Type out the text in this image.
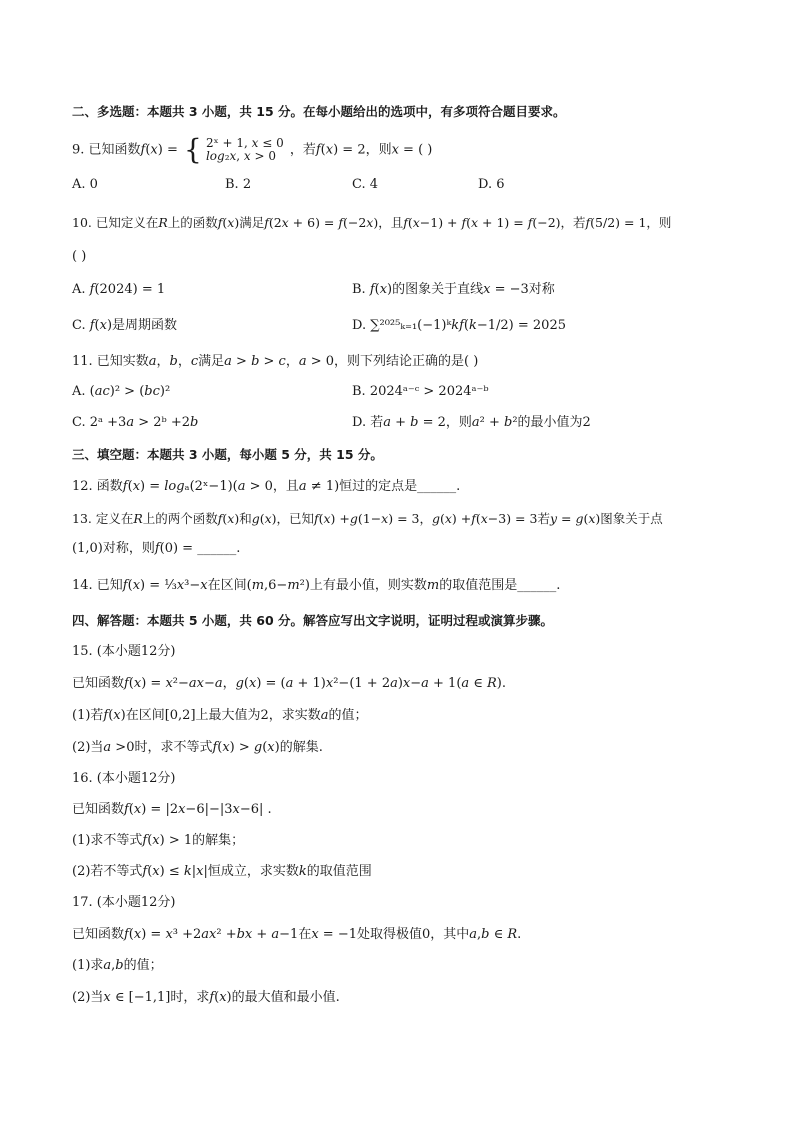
二、多选题：本题共 3 小题，共 15 分。在每小题给出的选项中，有多项符合题目要求。
9. 已知函数𝑓(𝑥) = { 2ˣ + 1, 𝑥 ≤ 0
𝑙𝑜𝑔₂𝑥, 𝑥 > 0	，若𝑓(𝑥) = 2，则𝑥 = ( )
A. 0	B. 2	C. 4	D. 6
10. 已知定义在𝑅上的函数𝑓(𝑥)满足𝑓(2𝑥 + 6) = 𝑓(−2𝑥)，且𝑓(𝑥−1) + 𝑓(𝑥 + 1) = 𝑓(−2)，若𝑓(5/2) = 1，则
( )
A. 𝑓(2024) = 1	B. 𝑓(𝑥)的图象关于直线𝑥 = −3对称
C. 𝑓(𝑥)是周期函数	D. ∑²⁰²⁵ₖ₌₁(−1)ᵏ𝑘𝑓(𝑘−1/2) = 2025
11. 已知实数𝑎，𝑏，𝑐满足𝑎 > 𝑏 > 𝑐，𝑎 > 0，则下列结论正确的是( )
A. (𝑎𝑐)² > (𝑏𝑐)²	B. 2024ᵃ⁻ᶜ > 2024ᵃ⁻ᵇ
C. 2ᵃ +3𝑎 > 2ᵇ +2𝑏	D. 若𝑎 + 𝑏 = 2，则𝑎² + 𝑏²的最小值为2
三、填空题：本题共 3 小题，每小题 5 分，共 15 分。
12. 函数𝑓(𝑥) = 𝑙𝑜𝑔ₐ(2ˣ−1)(𝑎 > 0，且𝑎 ≠ 1)恒过的定点是______.
13. 定义在𝑅上的两个函数𝑓(𝑥)和𝑔(𝑥)，已知𝑓(𝑥) +𝑔(1−𝑥) = 3，𝑔(𝑥) +𝑓(𝑥−3) = 3若𝑦 = 𝑔(𝑥)图象关于点
(1,0)对称，则𝑓(0) = ______.
14. 已知𝑓(𝑥) = ⅓𝑥³−𝑥在区间(𝑚,6−𝑚²)上有最小值，则实数𝑚的取值范围是______.
四、解答题：本题共 5 小题，共 60 分。解答应写出文字说明，证明过程或演算步骤。
15. (本小题12分)
已知函数𝑓(𝑥) = 𝑥²−𝑎𝑥−𝑎，𝑔(𝑥) = (𝑎 + 1)𝑥²−(1 + 2𝑎)𝑥−𝑎 + 1(𝑎 ∈ 𝑅).
(1)若𝑓(𝑥)在区间[0,2]上最大值为2，求实数𝑎的值；
(2)当𝑎 >0时，求不等式𝑓(𝑥) > 𝑔(𝑥)的解集.
16. (本小题12分)
已知函数𝑓(𝑥) = |2𝑥−6|−|3𝑥−6| .
(1)求不等式𝑓(𝑥) > 1的解集；
(2)若不等式𝑓(𝑥) ≤ 𝑘|𝑥|恒成立，求实数𝑘的取值范围
17. (本小题12分)
已知函数𝑓(𝑥) = 𝑥³ +2𝑎𝑥² +𝑏𝑥 + 𝑎−1在𝑥 = −1处取得极值0，其中𝑎,𝑏 ∈ 𝑅.
(1)求𝑎,𝑏的值；
(2)当𝑥 ∈ [−1,1]时，求𝑓(𝑥)的最大值和最小值.
